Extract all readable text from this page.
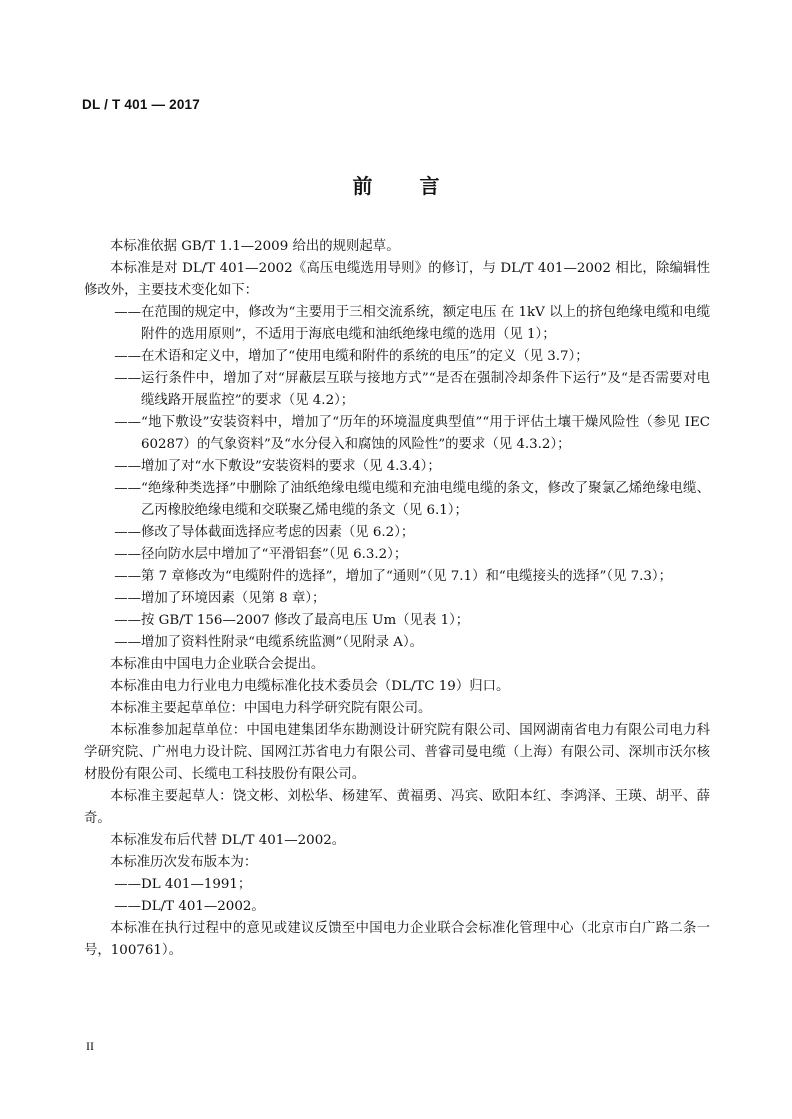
DL / T 401 — 2017
前 言

本标准依据 GB/T 1.1—2009 给出的规则起草。

本标准是对 DL/T 401—2002《高压电缆选用导则》的修订，与 DL/T 401—2002 相比，除编辑性修改外，主要技术变化如下：

—— 在范围的规定中，修改为“主要用于三相交流系统，额定电压 在 1kV 以上的挤包绝缘电缆和电缆附件的选用原则”，不适用于海底电缆和油纸绝缘电缆的选用（见 1）；
—— 在术语和定义中，增加了“使用电缆和附件的系统的电压”的定义（见 3.7）；
—— 运行条件中，增加了对“屏蔽层互联与接地方式”“是否在强制冷却条件下运行”及“是否需要对电缆线路开展监控”的要求（见 4.2）；
—— “地下敷设”安装资料中，增加了“历年的环境温度典型值”“用于评估土壤干燥风险性（参见 IEC 60287）的气象资料”及“水分侵入和腐蚀的风险性”的要求（见 4.3.2）；
—— 增加了对“水下敷设”安装资料的要求（见 4.3.4）；
—— “绝缘种类选择”中删除了油纸绝缘电缆电缆和充油电缆电缆的条文，修改了聚氯乙烯绝缘电缆、乙丙橡胶绝缘电缆和交联聚乙烯电缆的条文（见 6.1）；
—— 修改了导体截面选择应考虑的因素（见 6.2）；
—— 径向防水层中增加了“平滑铝套”（见 6.3.2）；
—— 第 7 章修改为“电缆附件的选择”，增加了“通则”（见 7.1）和“电缆接头的选择”（见 7.3）；
—— 增加了环境因素（见第 8 章）；
—— 按 GB/T 156—2007 修改了最高电压 Um（见表 1）；
—— 增加了资料性附录“电缆系统监测”（见附录 A）。

本标准由中国电力企业联合会提出。

本标准由电力行业电力电缆标准化技术委员会（DL/TC 19）归口。

本标准主要起草单位：中国电力科学研究院有限公司。

本标准参加起草单位：中国电建集团华东勘测设计研究院有限公司、国网湖南省电力有限公司电力科学研究院、广州电力设计院、国网江苏省电力有限公司、普睿司曼电缆（上海）有限公司、深圳市沃尔核材股份有限公司、长缆电工科技股份有限公司。

本标准主要起草人：饶文彬、刘松华、杨建军、黄福勇、冯宾、欧阳本红、李鸿泽、王瑛、胡平、薛奇。

本标准发布后代替 DL/T 401—2002。

本标准历次发布版本为：

—— DL 401—1991；
—— DL/T 401—2002。

本标准在执行过程中的意见或建议反馈至中国电力企业联合会标准化管理中心（北京市白广路二条一号，100761）。

II
